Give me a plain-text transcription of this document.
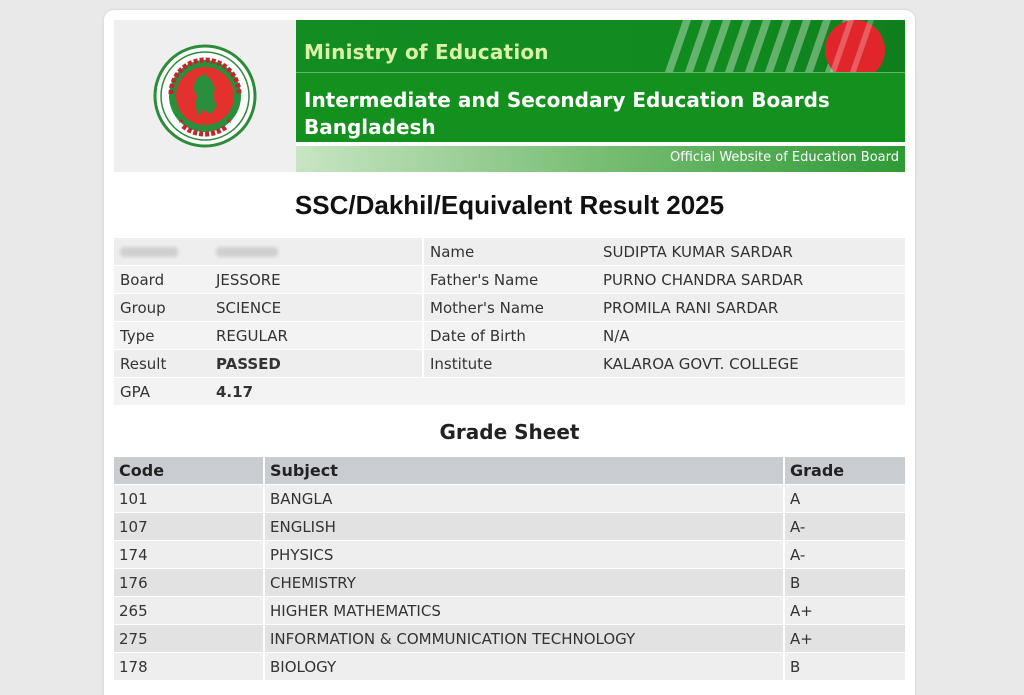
Ministry of Education
Intermediate and Secondary Education Boards
Bangladesh
Official Website of Education Board
SSC/Dakhil/Equivalent Result 2025
		Name	SUDIPTA KUMAR SARDAR
Board	JESSORE	Father's Name	PURNO CHANDRA SARDAR
Group	SCIENCE	Mother's Name	PROMILA RANI SARDAR
Type	REGULAR	Date of Birth	N/A
Result	PASSED	Institute	KALAROA GOVT. COLLEGE
GPA	4.17		
Grade Sheet
Code	Subject	Grade
101	BANGLA	A
107	ENGLISH	A-
174	PHYSICS	A-
176	CHEMISTRY	B
265	HIGHER MATHEMATICS	A+
275	INFORMATION & COMMUNICATION TECHNOLOGY	A+
178	BIOLOGY	B
